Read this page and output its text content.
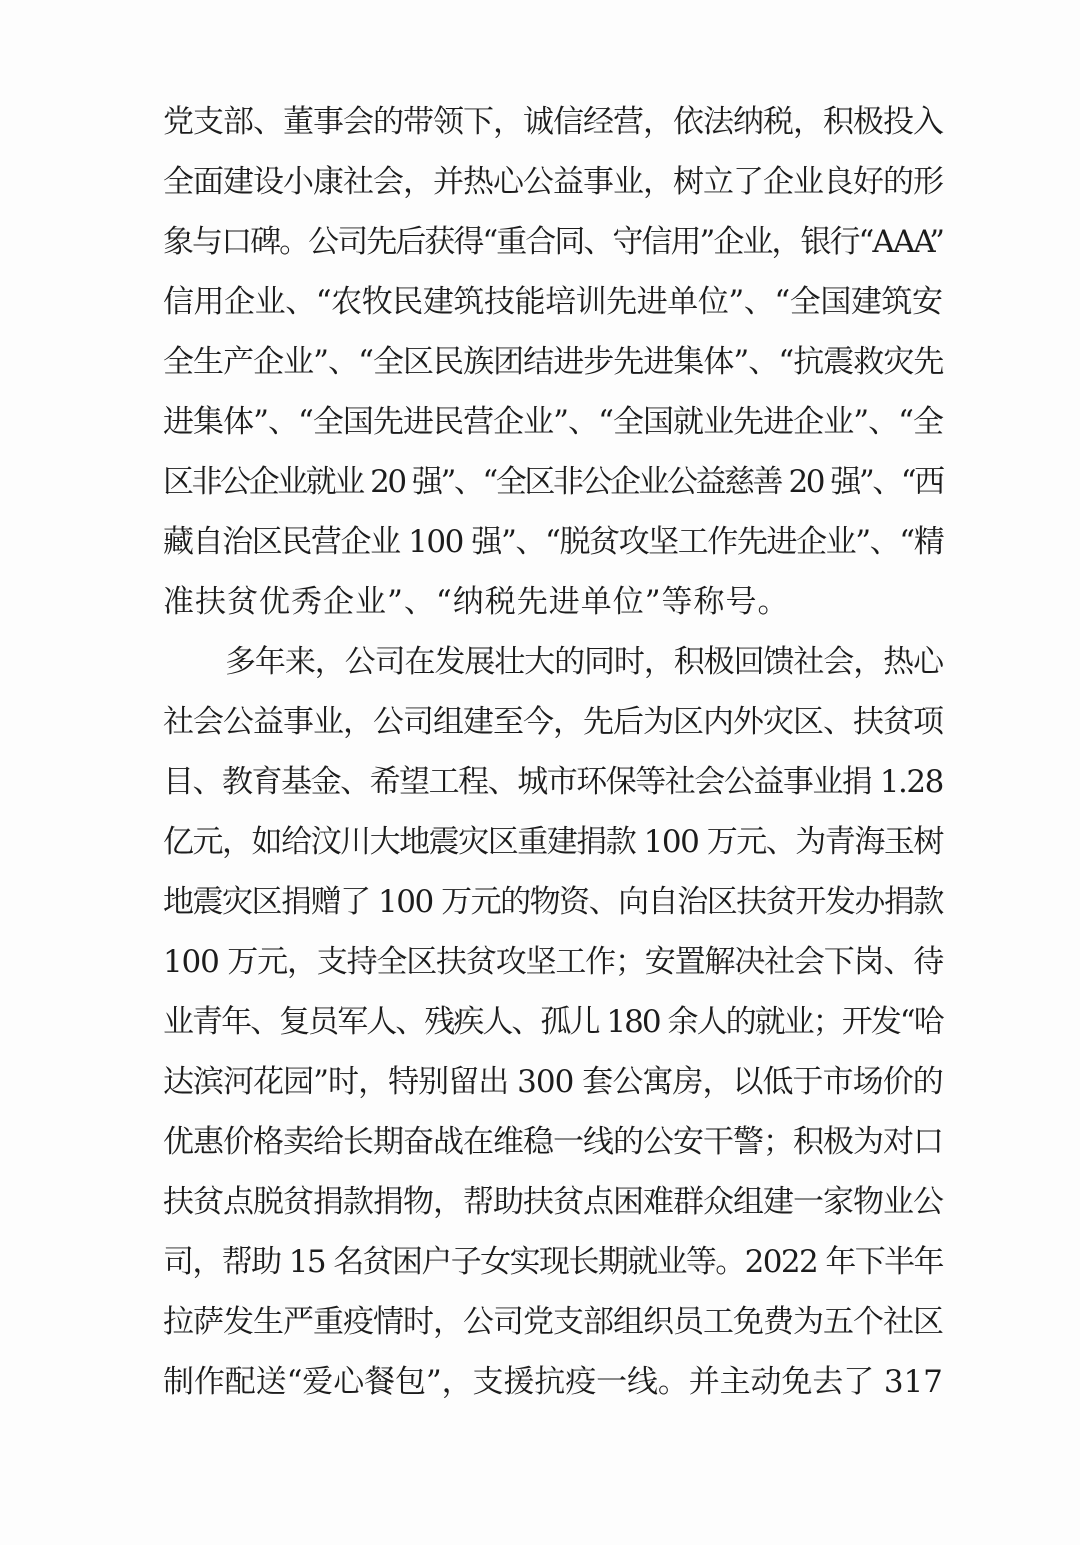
党支部、董事会的带领下，诚信经营，依法纳税，积极投入
全面建设小康社会，并热心公益事业，树立了企业良好的形
象与口碑。公司先后获得“重合同、守信用”企业，银行“AAA”
信用企业、“农牧民建筑技能培训先进单位”、“全国建筑安
全生产企业”、“全区民族团结进步先进集体”、“抗震救灾先
进集体”、“全国先进民营企业”、“全国就业先进企业”、“全
区非公企业就业 20 强”、“全区非公企业公益慈善 20 强”、“西
藏自治区民营企业 100 强”、“脱贫攻坚工作先进企业”、“精
准扶贫优秀企业”、“纳税先进单位”等称号。
多年来，公司在发展壮大的同时，积极回馈社会，热心
社会公益事业，公司组建至今，先后为区内外灾区、扶贫项
目、教育基金、希望工程、城市环保等社会公益事业捐 1.28
亿元，如给汶川大地震灾区重建捐款 100 万元、为青海玉树
地震灾区捐赠了 100 万元的物资、向自治区扶贫开发办捐款
100 万元，支持全区扶贫攻坚工作；安置解决社会下岗、待
业青年、复员军人、残疾人、孤儿 180 余人的就业；开发“哈
达滨河花园”时，特别留出 300 套公寓房，以低于市场价的
优惠价格卖给长期奋战在维稳一线的公安干警；积极为对口
扶贫点脱贫捐款捐物，帮助扶贫点困难群众组建一家物业公
司，帮助 15 名贫困户子女实现长期就业等。2022 年下半年
拉萨发生严重疫情时，公司党支部组织员工免费为五个社区
制作配送“爱心餐包”，支援抗疫一线。并主动免去了 317
